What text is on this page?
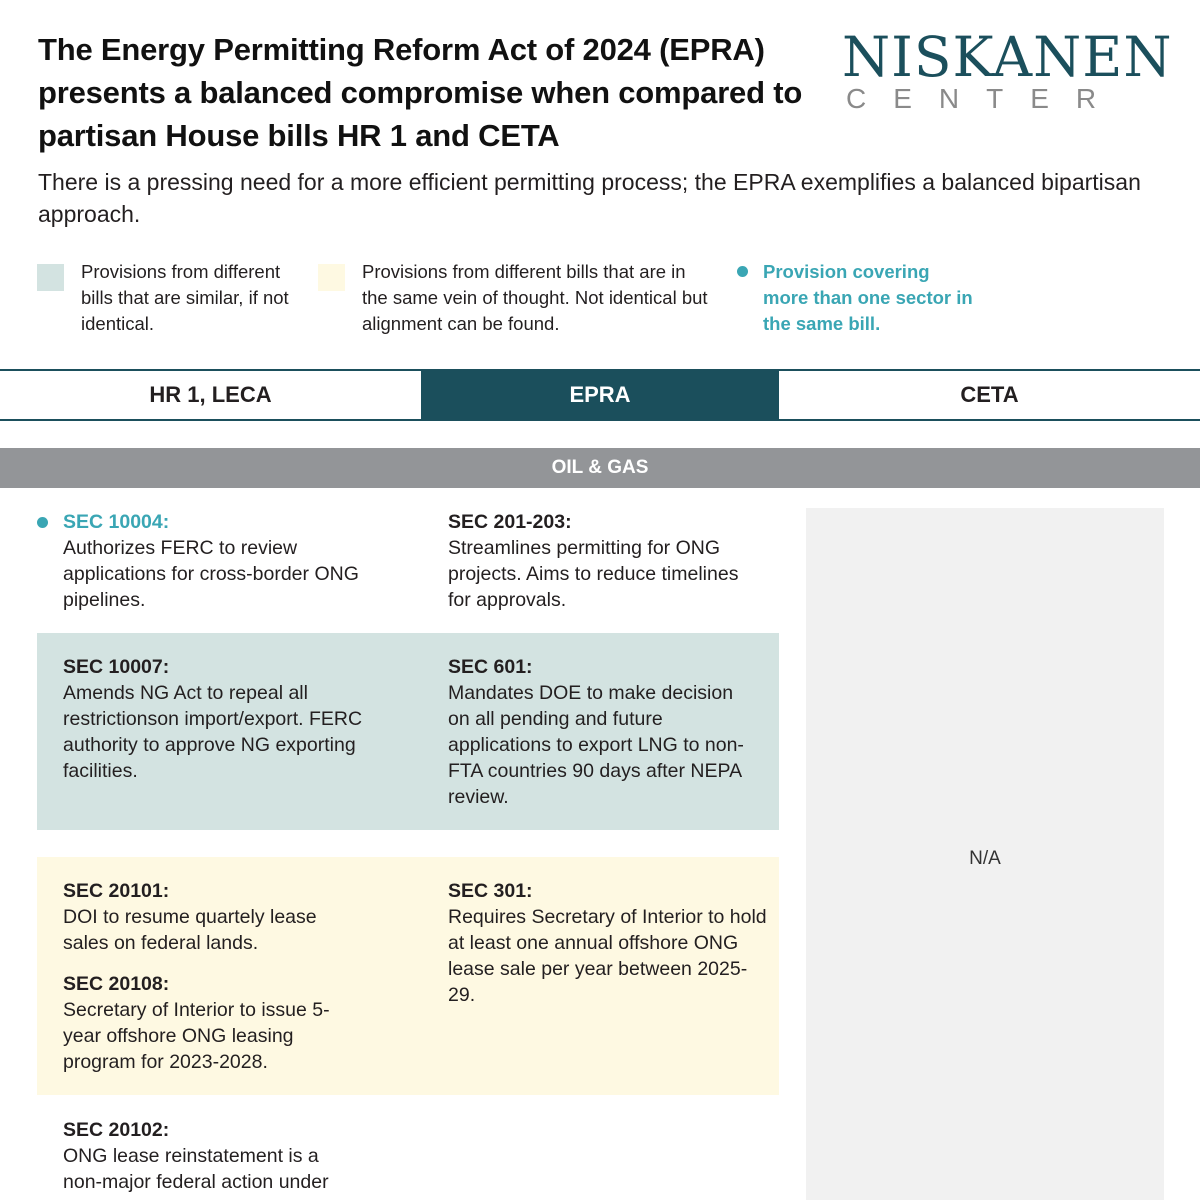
The Energy Permitting Reform Act of 2024 (EPRA) presents a balanced compromise when compared to partisan House bills HR 1 and CETA
NISKANEN
CENTER
There is a pressing need for a more efficient permitting process; the EPRA exemplifies a balanced bipartisan approach.
Provisions from different bills that are similar, if not identical.
Provisions from different bills that are in the same vein of thought. Not identical but alignment can be found.
Provision covering more than one sector in the same bill.
HR 1, LECA	EPRA	CETA
OIL & GAS
N/A
SEC 10004:
Authorizes FERC to review applications for cross-border ONG pipelines.
SEC 201-203:
Streamlines permitting for ONG projects. Aims to reduce timelines for approvals.
SEC 10007:
Amends NG Act to repeal all restrictionson import/export. FERC authority to approve NG exporting facilities.
SEC 601:
Mandates DOE to make decision on all pending and future applications to export LNG to non-FTA countries 90 days after NEPA review.
SEC 20101:
DOI to resume quartely lease sales on federal lands.
SEC 20108:
Secretary of Interior to issue 5-year offshore ONG leasing program for 2023-2028.
SEC 301:
Requires Secretary of Interior to hold at least one annual offshore ONG lease sale per year between 2025-29.
SEC 20102:
ONG lease reinstatement is a non-major federal action under
